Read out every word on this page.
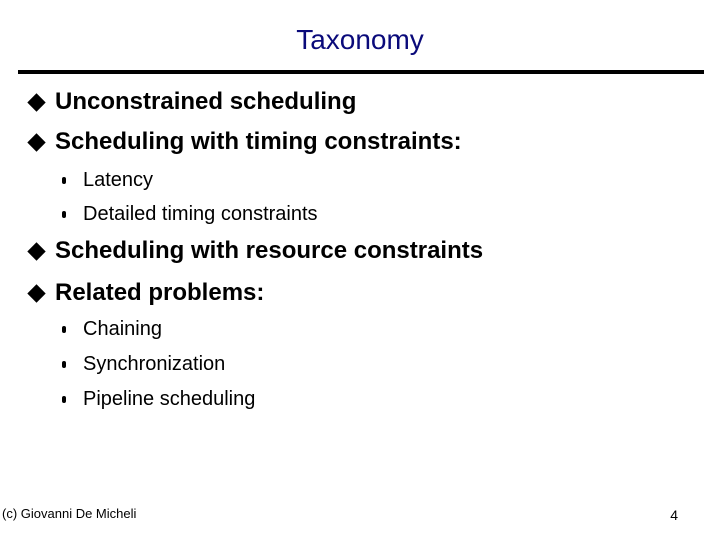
Taxonomy
Unconstrained scheduling
Scheduling with timing constraints:
Latency
Detailed timing constraints
Scheduling with resource constraints
Related problems:
Chaining
Synchronization
Pipeline scheduling
(c) Giovanni De Micheli	4
